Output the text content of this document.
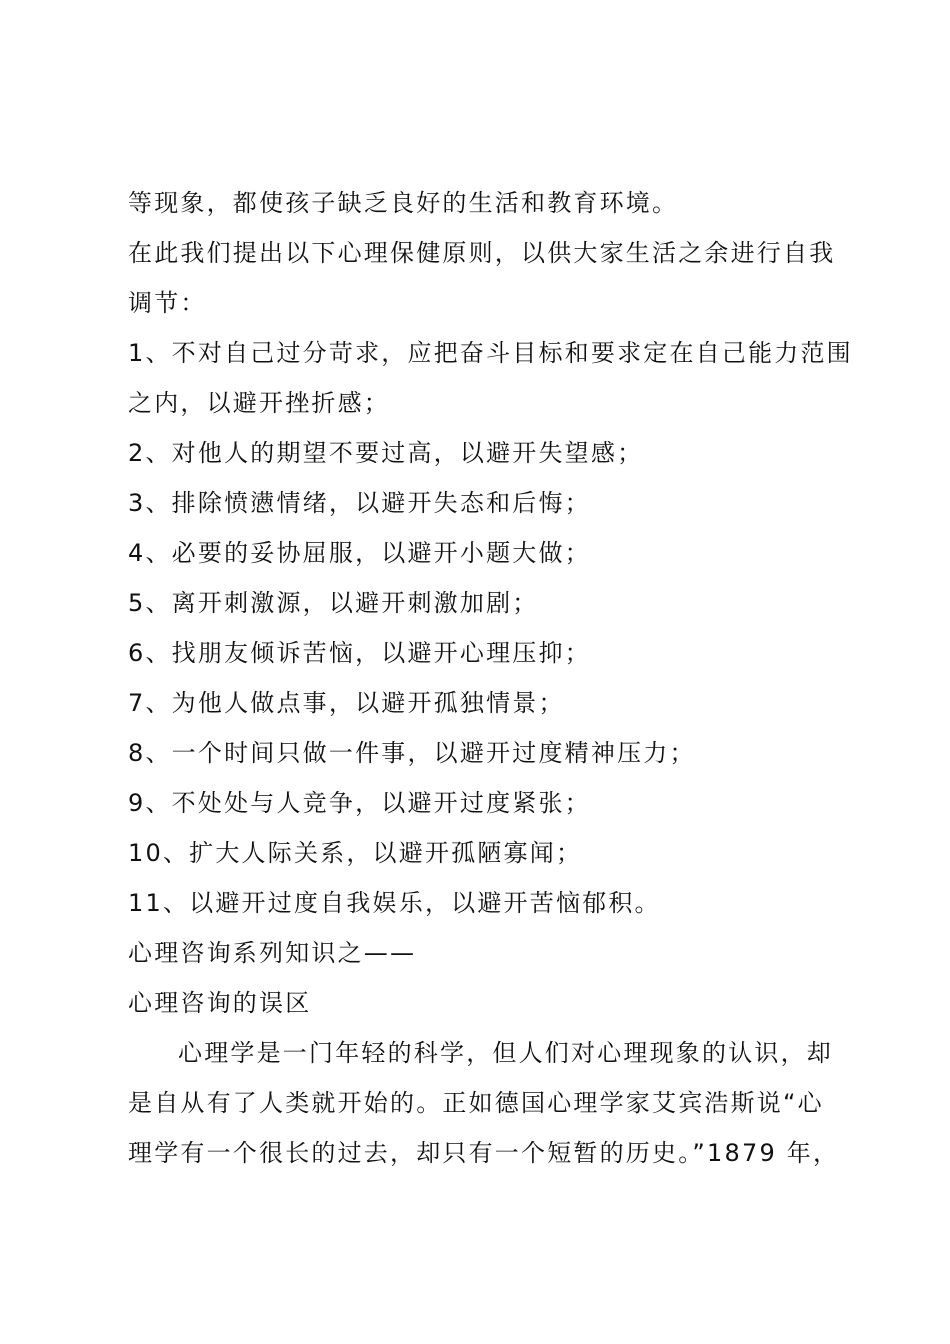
等现象，都使孩子缺乏良好的生活和教育环境。
在此我们提出以下心理保健原则，以供大家生活之余进行自我
调节：
1、不对自己过分苛求，应把奋斗目标和要求定在自己能力范围
之内，以避开挫折感；
2、对他人的期望不要过高，以避开失望感；
3、排除愤懑情绪，以避开失态和后悔；
4、必要的妥协屈服，以避开小题大做；
5、离开刺激源，以避开刺激加剧；
6、找朋友倾诉苦恼，以避开心理压抑；
7、为他人做点事，以避开孤独情景；
8、一个时间只做一件事，以避开过度精神压力；
9、不处处与人竞争，以避开过度紧张；
10、扩大人际关系，以避开孤陋寡闻；
11、以避开过度自我娱乐，以避开苦恼郁积。
心理咨询系列知识之——
心理咨询的误区
心理学是一门年轻的科学，但人们对心理现象的认识，却
是自从有了人类就开始的。正如德国心理学家艾宾浩斯说“心
理学有一个很长的过去，却只有一个短暂的历史。”1879 年，
